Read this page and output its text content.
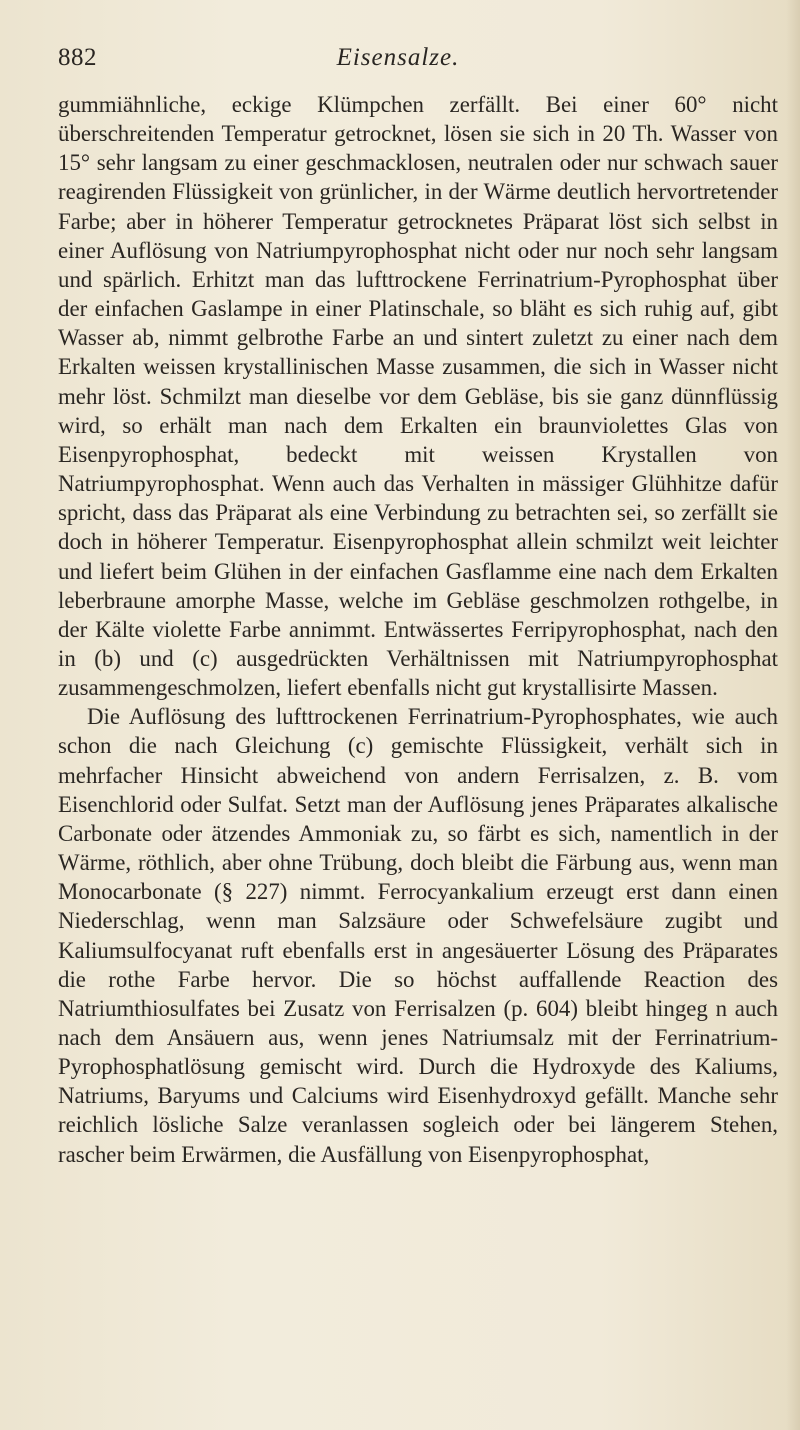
882	Eisensalze.

gummiähnliche, eckige Klümpchen zerfällt. Bei einer 60° nicht überschreitenden Temperatur getrocknet, lösen sie sich in 20 Th. Wasser von 15° sehr langsam zu einer geschmacklosen, neutralen oder nur schwach sauer reagirenden Flüssigkeit von grünlicher, in der Wärme deutlich hervortretender Farbe; aber in höherer Temperatur getrocknetes Präparat löst sich selbst in einer Auflösung von Natriumpyrophosphat nicht oder nur noch sehr langsam und spärlich. Erhitzt man das lufttrockene Ferrinatrium-Pyrophosphat über der einfachen Gaslampe in einer Platinschale, so bläht es sich ruhig auf, gibt Wasser ab, nimmt gelbrothe Farbe an und sintert zuletzt zu einer nach dem Erkalten weissen krystallinischen Masse zusammen, die sich in Wasser nicht mehr löst. Schmilzt man dieselbe vor dem Gebläse, bis sie ganz dünnflüssig wird, so erhält man nach dem Erkalten ein braunviolettes Glas von Eisenpyrophosphat, bedeckt mit weissen Krystallen von Natriumpyrophosphat. Wenn auch das Verhalten in mässiger Glühhitze dafür spricht, dass das Präparat als eine Verbindung zu betrachten sei, so zerfällt sie doch in höherer Temperatur. Eisenpyrophosphat allein schmilzt weit leichter und liefert beim Glühen in der einfachen Gasflamme eine nach dem Erkalten leberbraune amorphe Masse, welche im Gebläse geschmolzen rothgelbe, in der Kälte violette Farbe annimmt. Entwässertes Ferripyrophosphat, nach den in (b) und (c) ausgedrückten Verhältnissen mit Natriumpyrophosphat zusammengeschmolzen, liefert ebenfalls nicht gut krystallisirte Massen.

Die Auflösung des lufttrockenen Ferrinatrium-Pyrophosphates, wie auch schon die nach Gleichung (c) gemischte Flüssigkeit, verhält sich in mehrfacher Hinsicht abweichend von andern Ferrisalzen, z. B. vom Eisenchlorid oder Sulfat. Setzt man der Auflösung jenes Präparates alkalische Carbonate oder ätzendes Ammoniak zu, so färbt es sich, namentlich in der Wärme, röthlich, aber ohne Trübung, doch bleibt die Färbung aus, wenn man Monocarbonate (§ 227) nimmt. Ferrocyankalium erzeugt erst dann einen Niederschlag, wenn man Salzsäure oder Schwefelsäure zugibt und Kaliumsulfocyanat ruft ebenfalls erst in angesäuerter Lösung des Präparates die rothe Farbe hervor. Die so höchst auffallende Reaction des Natriumthiosulfates bei Zusatz von Ferrisalzen (p. 604) bleibt hingeg n auch nach dem Ansäuern aus, wenn jenes Natriumsalz mit der Ferrinatrium-Pyrophosphatlösung gemischt wird. Durch die Hydroxyde des Kaliums, Natriums, Baryums und Calciums wird Eisenhydroxyd gefällt. Manche sehr reichlich lösliche Salze veranlassen sogleich oder bei längerem Stehen, rascher beim Erwärmen, die Ausfällung von Eisenpyrophosphat,
